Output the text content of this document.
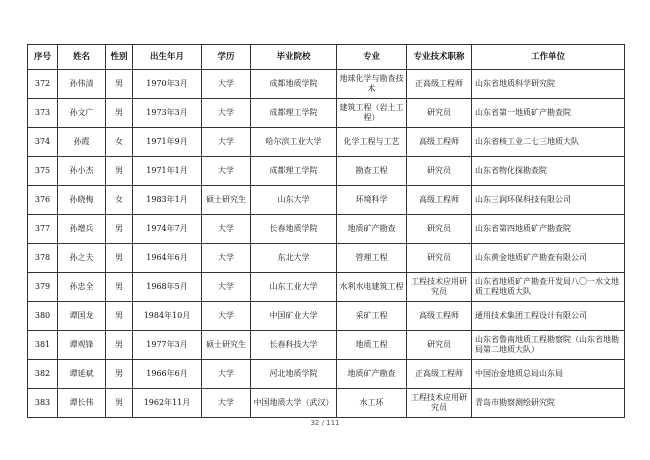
序号	姓名	性别	出生年月	学历	毕业院校	专业	专业技术职称	工作单位
372	孙伟清	男	1970年3月	大学	成都地质学院	地球化学与勘查技术	正高级工程师	山东省地质科学研究院
373	孙文广	男	1973年3月	大学	成都理工学院	建筑工程（岩土工程）	研究员	山东省第一地质矿产勘查院
374	孙霞	女	1971年9月	大学	哈尔滨工业大学	化学工程与工艺	高级工程师	山东省核工业二七三地质大队
375	孙小杰	男	1971年1月	大学	成都理工学院	勘查工程	研究员	山东省物化探勘查院
376	孙晓梅	女	1983年1月	硕士研究生	山东大学	环境科学	高级工程师	山东三润环保科技有限公司
377	孙增兵	男	1974年7月	大学	长春地质学院	地质矿产勘查	研究员	山东省第四地质矿产勘查院
378	孙之夫	男	1964年6月	大学	东北大学	管理工程	研究员	山东黄金地质矿产勘查有限公司
379	孙忠全	男	1968年5月	大学	山东工业大学	水利水电建筑工程	工程技术应用研究员	山东省地质矿产勘查开发局八〇一水文地质工程地质大队
380	谭国龙	男	1984年10月	大学	中国矿业大学	采矿工程	高级工程师	通用技术集团工程设计有限公司
381	谭观锋	男	1977年3月	硕士研究生	长春科技大学	地质工程	研究员	山东省鲁南地质工程勘察院（山东省地勘局第二地质大队）
382	谭延斌	男	1966年6月	大学	河北地质学院	地质矿产勘查	正高级工程师	中国冶金地质总局山东局
383	谭长伟	男	1962年11月	大学	中国地质大学（武汉）	水工环	工程技术应用研究员	青岛市勘察测绘研究院
32 / 111
